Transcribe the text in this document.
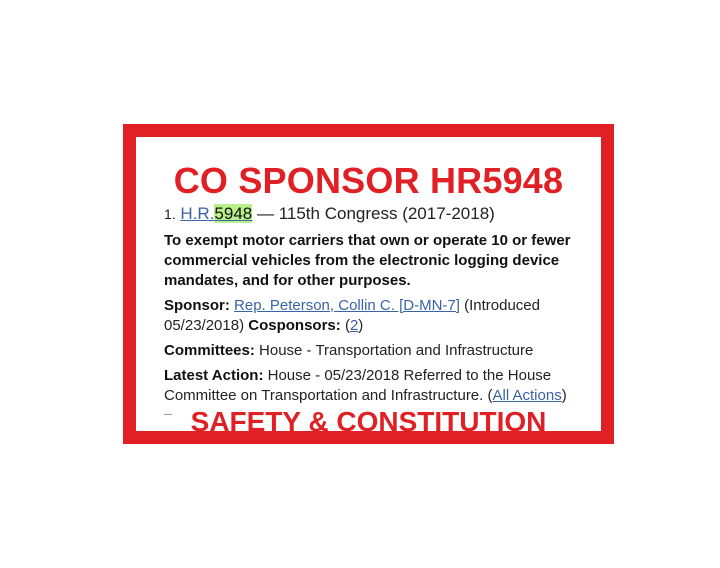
CO SPONSOR HR5948
1. H.R.5948 — 115th Congress (2017-2018)
To exempt motor carriers that own or operate 10 or fewer commercial vehicles from the electronic logging device mandates, and for other purposes.
Sponsor: Rep. Peterson, Collin C. [D-MN-7] (Introduced 05/23/2018) Cosponsors: (2)
Committees: House - Transportation and Infrastructure
Latest Action: House - 05/23/2018 Referred to the House Committee on Transportation and Infrastructure. (All Actions)
SAFETY & CONSTITUTION
